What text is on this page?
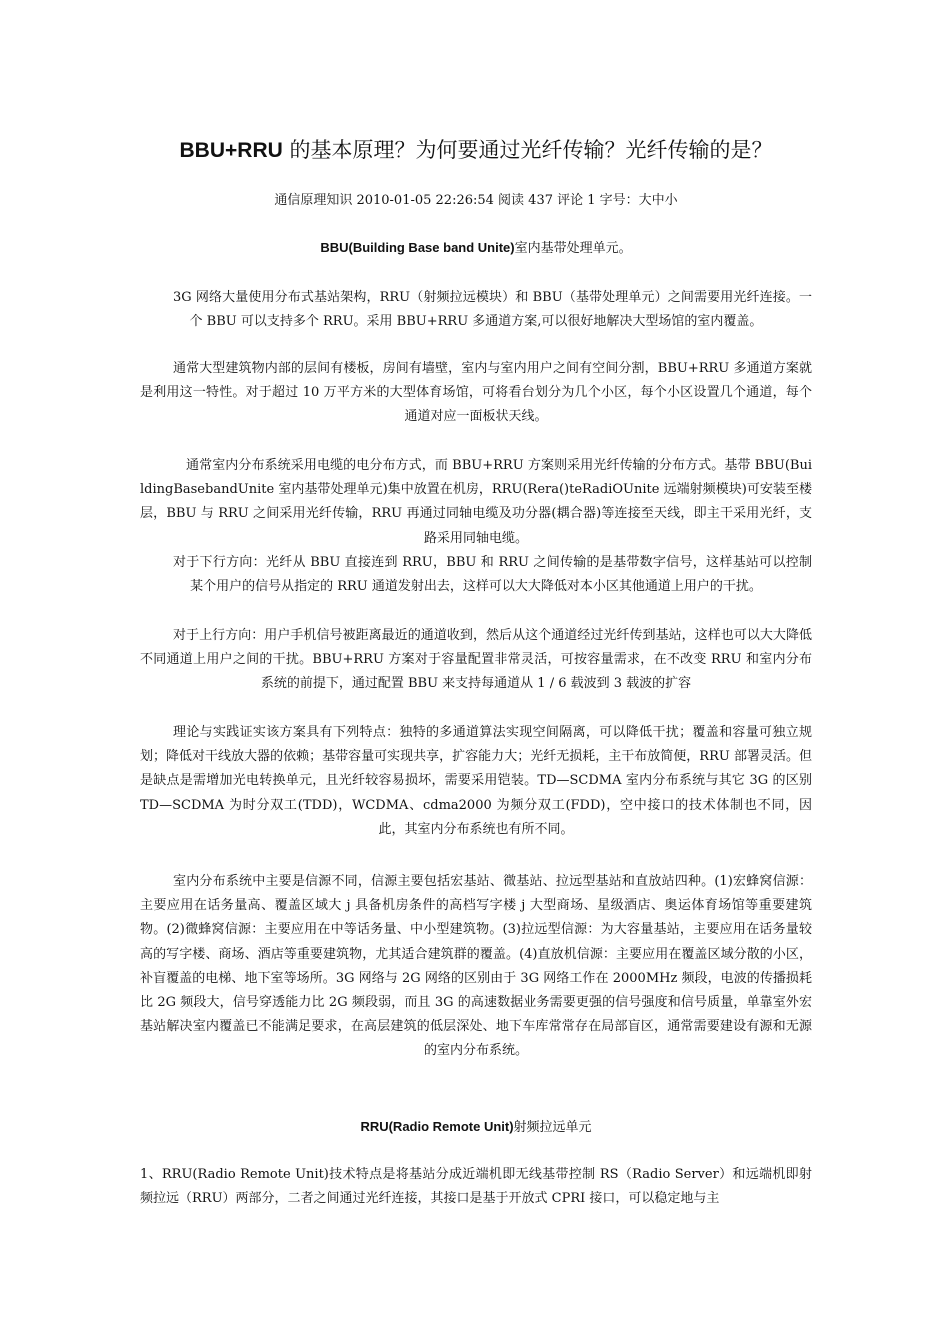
BBU+RRU 的基本原理？为何要通过光纤传输？光纤传输的是？
通信原理知识 2010-01-05 22:26:54 阅读 437 评论 1 字号：大中小
BBU(Building Base band Unite)室内基带处理单元。

3G 网络大量使用分布式基站架构，RRU（射频拉远模块）和 BBU（基带处理单元）之间需要用光纤连接。一个 BBU 可以支持多个 RRU。采用 BBU+RRU 多通道方案,可以很好地解决大型场馆的室内覆盖。

通常大型建筑物内部的层间有楼板，房间有墙壁，室内与室内用户之间有空间分割，BBU+RRU 多通道方案就是利用这一特性。对于超过 10 万平方米的大型体育场馆，可将看台划分为几个小区，每个小区设置几个通道，每个通道对应一面板状天线。

通常室内分布系统采用电缆的电分布方式，而 BBU+RRU 方案则采用光纤传输的分布方式。基带 BBU(BuildingBasebandUnite 室内基带处理单元)集中放置在机房，RRU(Rera()teRadiOUnite 远端射频模块)可安装至楼层，BBU 与 RRU 之间采用光纤传输，RRU 再通过同轴电缆及功分器(耦合器)等连接至天线，即主干采用光纤，支路采用同轴电缆。

对于下行方向：光纤从 BBU 直接连到 RRU，BBU 和 RRU 之间传输的是基带数字信号，这样基站可以控制某个用户的信号从指定的 RRU 通道发射出去，这样可以大大降低对本小区其他通道上用户的干扰。

对于上行方向：用户手机信号被距离最近的通道收到，然后从这个通道经过光纤传到基站，这样也可以大大降低不同通道上用户之间的干扰。BBU+RRU 方案对于容量配置非常灵活，可按容量需求，在不改变 RRU 和室内分布系统的前提下，通过配置 BBU 来支持每通道从 1 / 6 载波到 3 载波的扩容

理论与实践证实该方案具有下列特点：独特的多通道算法实现空间隔离，可以降低干扰；覆盖和容量可独立规划；降低对干线放大器的依赖；基带容量可实现共享，扩容能力大；光纤无损耗，主干布放简便，RRU 部署灵活。但是缺点是需增加光电转换单元，且光纤较容易损坏，需要采用铠装。TD—SCDMA 室内分布系统与其它 3G 的区别 TD—SCDMA 为时分双工(TDD)，WCDMA、cdma2000 为频分双工(FDD)，空中接口的技术体制也不同，因此，其室内分布系统也有所不同。

室内分布系统中主要是信源不同，信源主要包括宏基站、微基站、拉远型基站和直放站四种。(1)宏蜂窝信源：主要应用在话务量高、覆盖区域大 j 具备机房条件的高档写字楼 j 大型商场、星级酒店、奥运体育场馆等重要建筑物。(2)微蜂窝信源：主要应用在中等话务量、中小型建筑物。(3)拉远型信源：为大容量基站，主要应用在话务量较高的写字楼、商场、酒店等重要建筑物，尤其适合建筑群的覆盖。(4)直放机信源：主要应用在覆盖区域分散的小区，补盲覆盖的电梯、地下室等场所。3G 网络与 2G 网络的区别由于 3G 网络工作在 2000MHz 频段，电波的传播损耗比 2G 频段大，信号穿透能力比 2G 频段弱，而且 3G 的高速数据业务需要更强的信号强度和信号质量，单靠室外宏基站解决室内覆盖已不能满足要求，在高层建筑的低层深处、地下车库常常存在局部盲区，通常需要建设有源和无源的室内分布系统。

RRU(Radio Remote Unit)射频拉远单元

1、RRU(Radio Remote Unit)技术特点是将基站分成近端机即无线基带控制 RS（Radio Server）和远端机即射频拉远（RRU）两部分，二者之间通过光纤连接，其接口是基于开放式 CPRI 接口，可以稳定地与主
